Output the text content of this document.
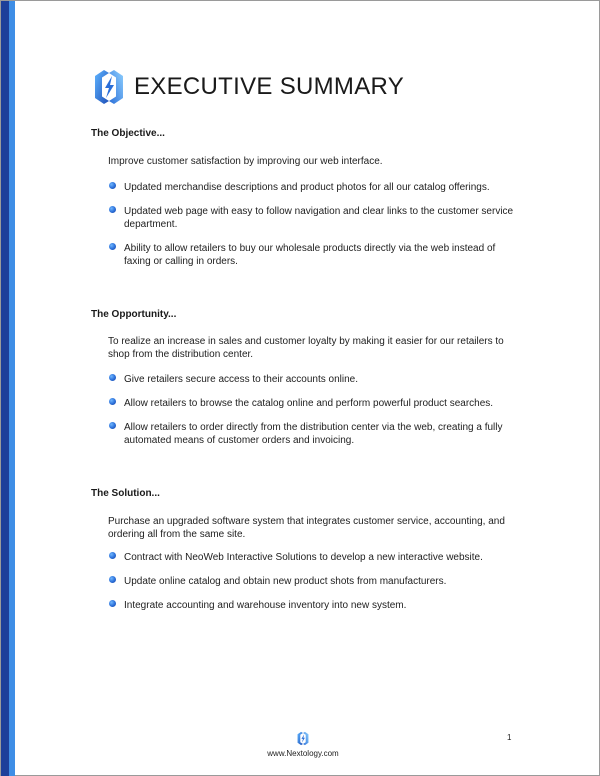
EXECUTIVE SUMMARY
The Objective...

Improve customer satisfaction by improving our web interface.

Updated merchandise descriptions and product photos for all our catalog offerings.
Updated web page with easy to follow navigation and clear links to the customer service department.
Ability to allow retailers to buy our wholesale products directly via the web instead of faxing or calling in orders.
The Opportunity...

To realize an increase in sales and customer loyalty by making it easier for our retailers to shop from the distribution center.

Give retailers secure access to their accounts online.
Allow retailers to browse the catalog online and perform powerful product searches.
Allow retailers to order directly from the distribution center via the web, creating a fully automated means of customer orders and invoicing.
The Solution...

Purchase an upgraded software system that integrates customer service, accounting, and ordering all from the same site.

Contract with NeoWeb Interactive Solutions to develop a new interactive website.
Update online catalog and obtain new product shots from manufacturers.
Integrate accounting and warehouse inventory into new system.

www.Nextology.com

1
